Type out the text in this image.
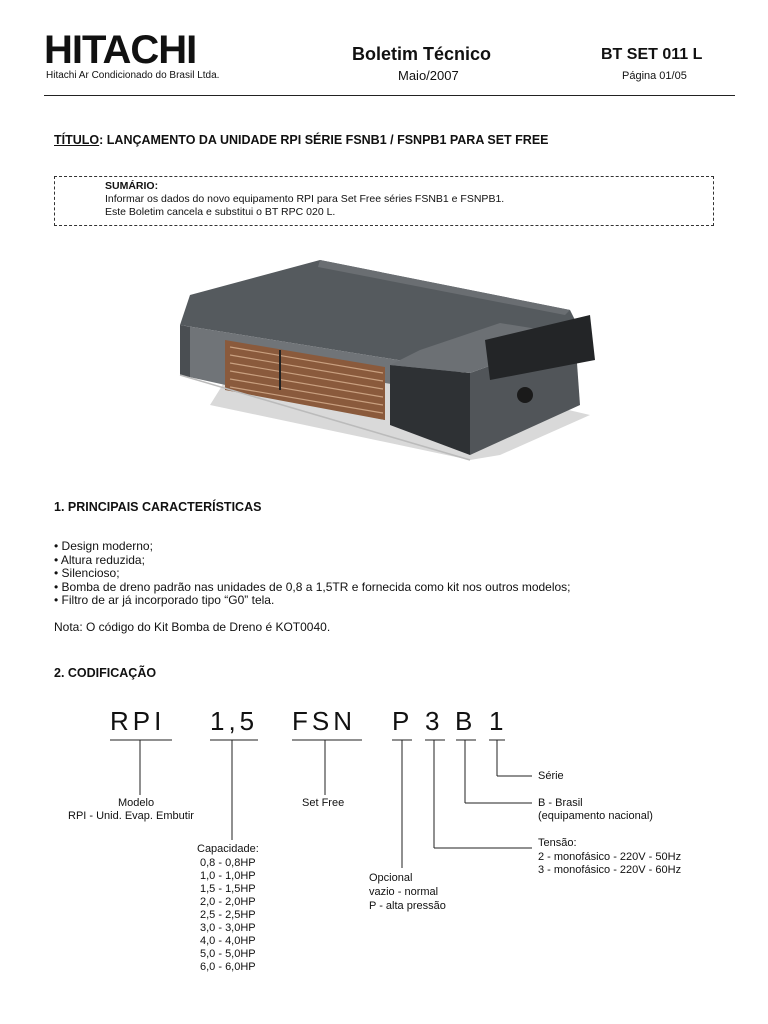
HITACHI
Hitachi Ar Condicionado do Brasil Ltda.
Boletim Técnico
Maio/2007
BT SET 011 L
Página 01/05
TÍTULO: LANÇAMENTO DA UNIDADE RPI SÉRIE FSNB1 / FSNPB1 PARA SET FREE
SUMÁRIO:
Informar os dados do novo equipamento RPI para Set Free séries FSNB1 e FSNPB1.
Este Boletim cancela e substitui o BT RPC 020 L.
1. PRINCIPAIS CARACTERÍSTICAS
• Design moderno;
• Altura reduzida;
• Silencioso;
• Bomba de dreno padrão nas unidades de 0,8 a 1,5TR e fornecida como kit nos outros modelos;
• Filtro de ar já incorporado tipo “G0” tela.
Nota: O código do Kit Bomba de Dreno é KOT0040.
2. CODIFICAÇÃO
RPI 1,5 FSN P 3 B 1
Modelo
RPI - Unid. Evap. Embutir
Set Free
Capacidade:
0,8 - 0,8HP
1,0 - 1,0HP
1,5 - 1,5HP
2,0 - 2,0HP
2,5 - 2,5HP
3,0 - 3,0HP
4,0 - 4,0HP
5,0 - 5,0HP
6,0 - 6,0HP
Opcional
vazio - normal
P - alta pressão
Série
B - Brasil
(equipamento nacional)
Tensão:
2 - monofásico - 220V - 50Hz
3 - monofásico - 220V - 60Hz
